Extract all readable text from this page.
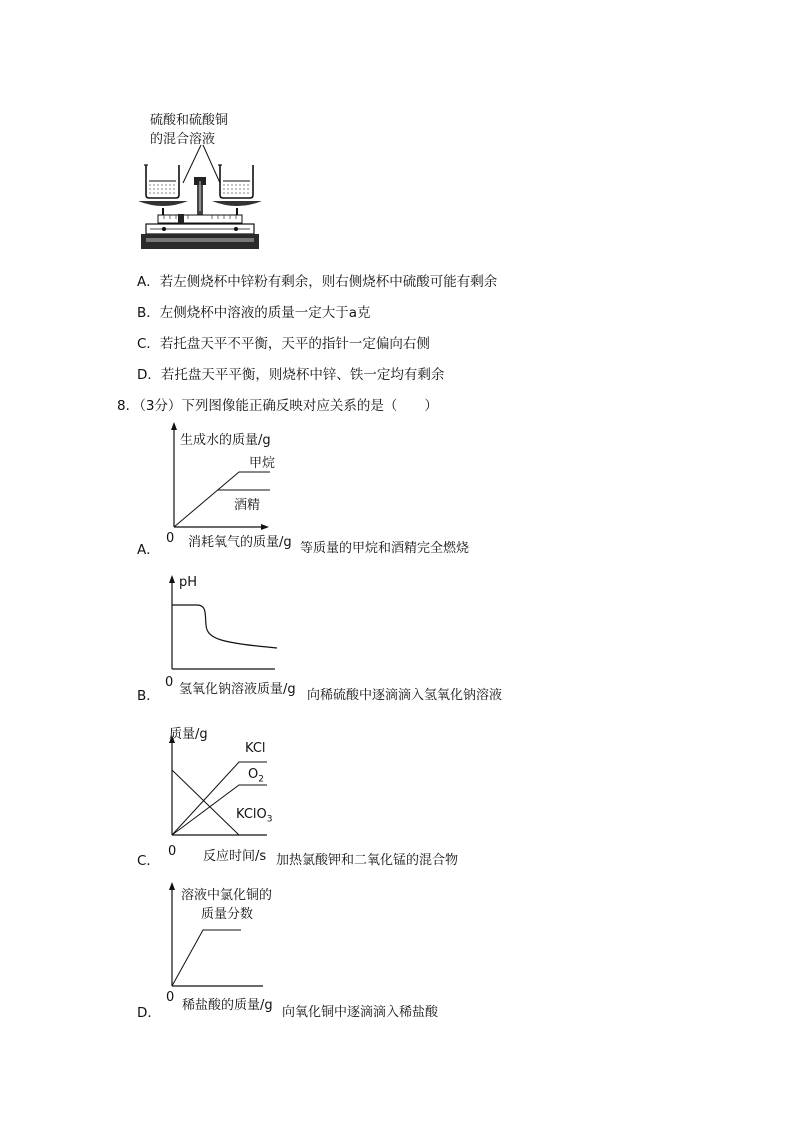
硫酸和硫酸铜
的混合溶液
A．若左侧烧杯中锌粉有剩余，则右侧烧杯中硫酸可能有剩余
B．左侧烧杯中溶液的质量一定大于a克
C．若托盘天平不平衡，天平的指针一定偏向右侧
D．若托盘天平平衡，则烧杯中锌、铁一定均有剩余
8．（3分）下列图像能正确反映对应关系的是（　　）
生成水的质量/g
甲烷
酒精
0
A． 消耗氧气的质量/g 等质量的甲烷和酒精完全燃烧
pH
0
B． 氢氧化钠溶液质量/g 向稀硫酸中逐滴滴入氢氧化钠溶液
质量/g
KCl
$O_2$
KClO$_3$
0
C．	反应时间/s 加热氯酸钾和二氧化锰的混合物
溶液中氯化铜的
质量分数
0
D． 稀盐酸的质量/g 向氧化铜中逐滴滴入稀盐酸
